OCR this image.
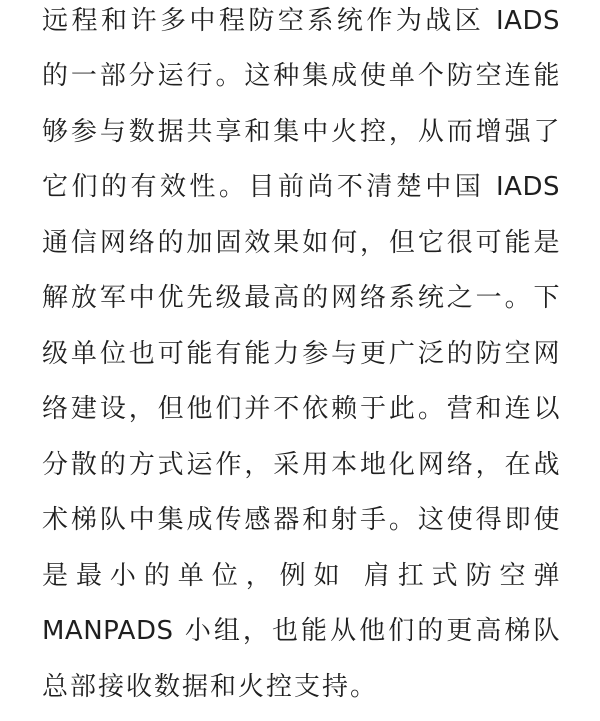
远程和许多中程防空系统作为战区 IADS
的一部分运行。这种集成使单个防空连能
够参与数据共享和集中火控，从而增强了
它们的有效性。目前尚不清楚中国 IADS
通信网络的加固效果如何，但它很可能是
解放军中优先级最高的网络系统之一。下
级单位也可能有能力参与更广泛的防空网
络建设，但他们并不依赖于此。营和连以
分散的方式运作，采用本地化网络，在战
术梯队中集成传感器和射手。这使得即使
是最小的单位，例如 肩扛式防空弹
MANPADS 小组，也能从他们的更高梯队
总部接收数据和火控支持。
